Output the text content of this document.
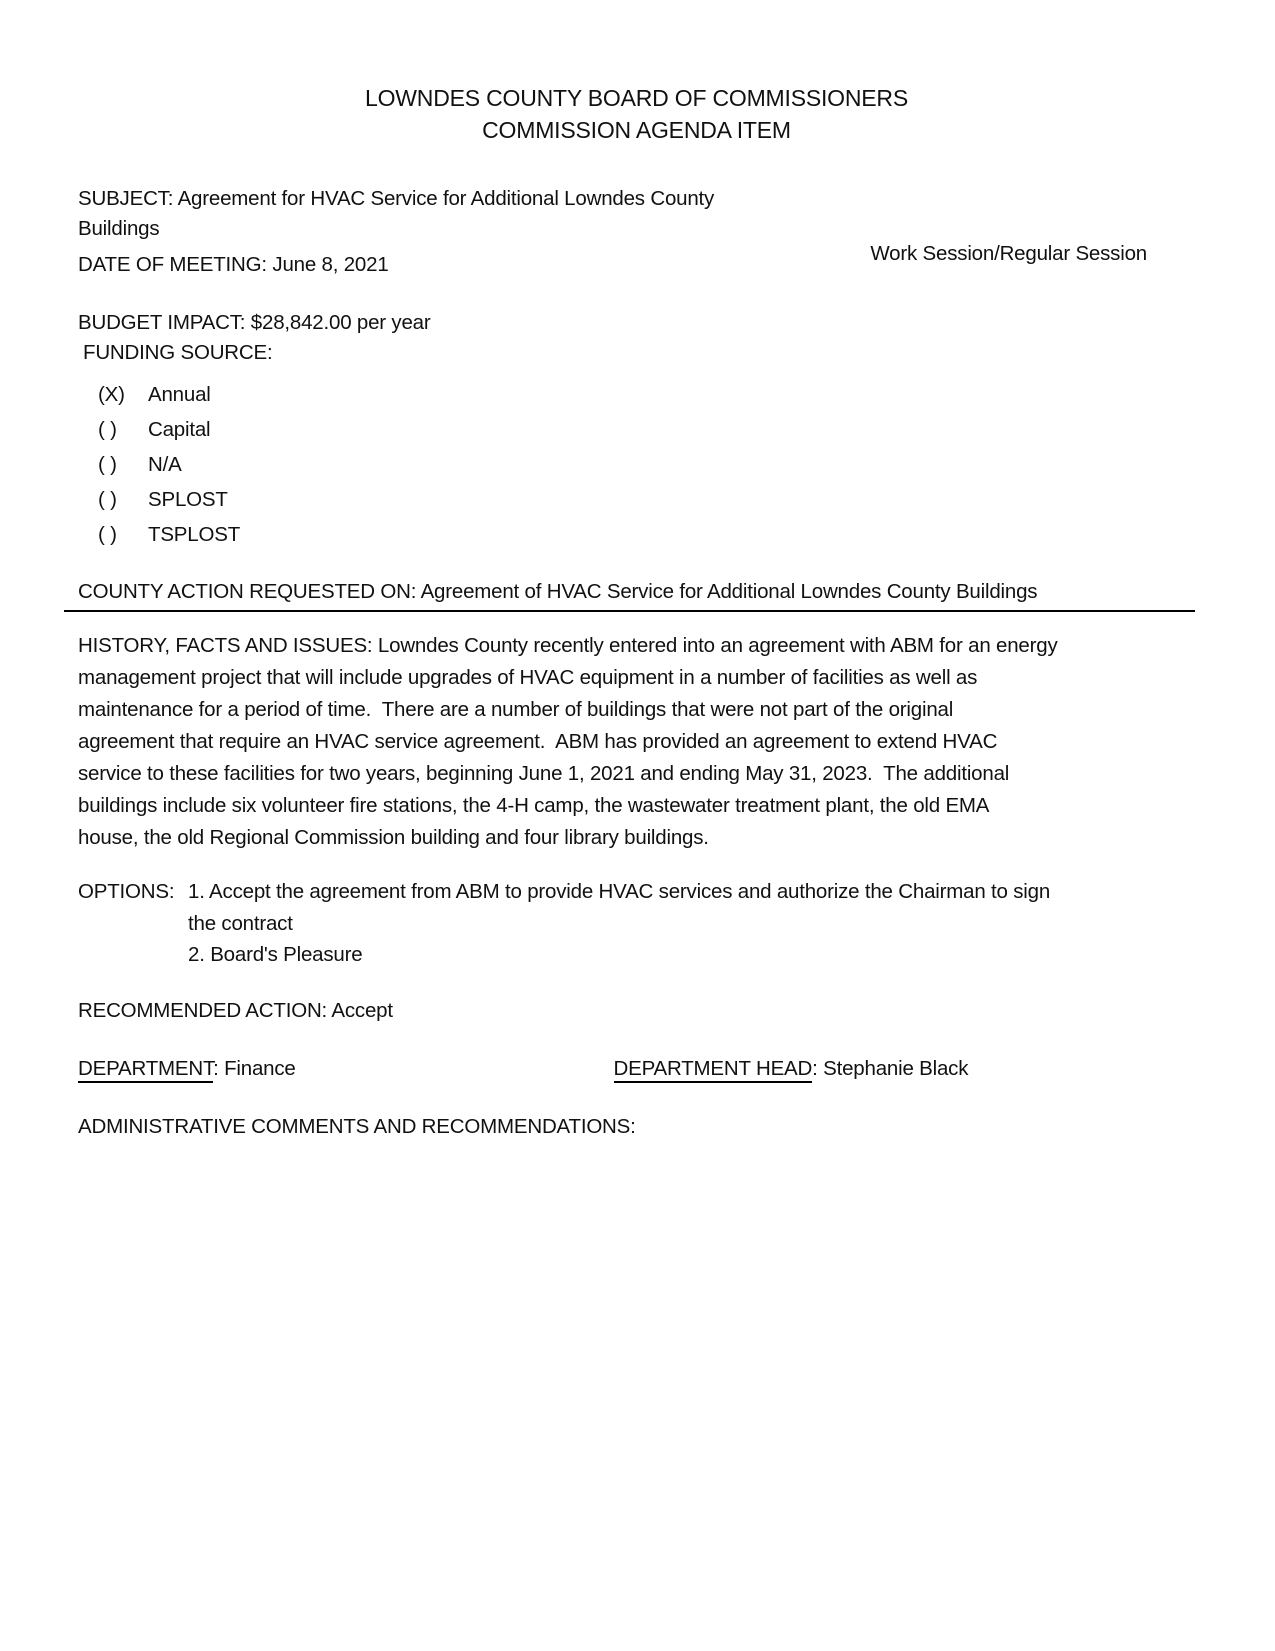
LOWNDES COUNTY BOARD OF COMMISSIONERS
COMMISSION AGENDA ITEM
SUBJECT: Agreement for HVAC Service for Additional Lowndes County
Buildings
DATE OF MEETING: June 8, 2021	Work Session/Regular Session
BUDGET IMPACT: $28,842.00 per year
FUNDING SOURCE:
(X)	Annual
( )	Capital
( )	N/A
( )	SPLOST
( )	TSPLOST
COUNTY ACTION REQUESTED ON: Agreement of HVAC Service for Additional Lowndes County Buildings
HISTORY, FACTS AND ISSUES: Lowndes County recently entered into an agreement with ABM for an energy
management project that will include upgrades of HVAC equipment in a number of facilities as well as
maintenance for a period of time.  There are a number of buildings that were not part of the original
agreement that require an HVAC service agreement.  ABM has provided an agreement to extend HVAC
service to these facilities for two years, beginning June 1, 2021 and ending May 31, 2023.  The additional
buildings include six volunteer fire stations, the 4-H camp, the wastewater treatment plant, the old EMA
house, the old Regional Commission building and four library buildings.
OPTIONS: 1. Accept the agreement from ABM to provide HVAC services and authorize the Chairman to sign
the contract
2. Board's Pleasure
RECOMMENDED ACTION: Accept
DEPARTMENT: Finance	DEPARTMENT HEAD: Stephanie Black
ADMINISTRATIVE COMMENTS AND RECOMMENDATIONS:
